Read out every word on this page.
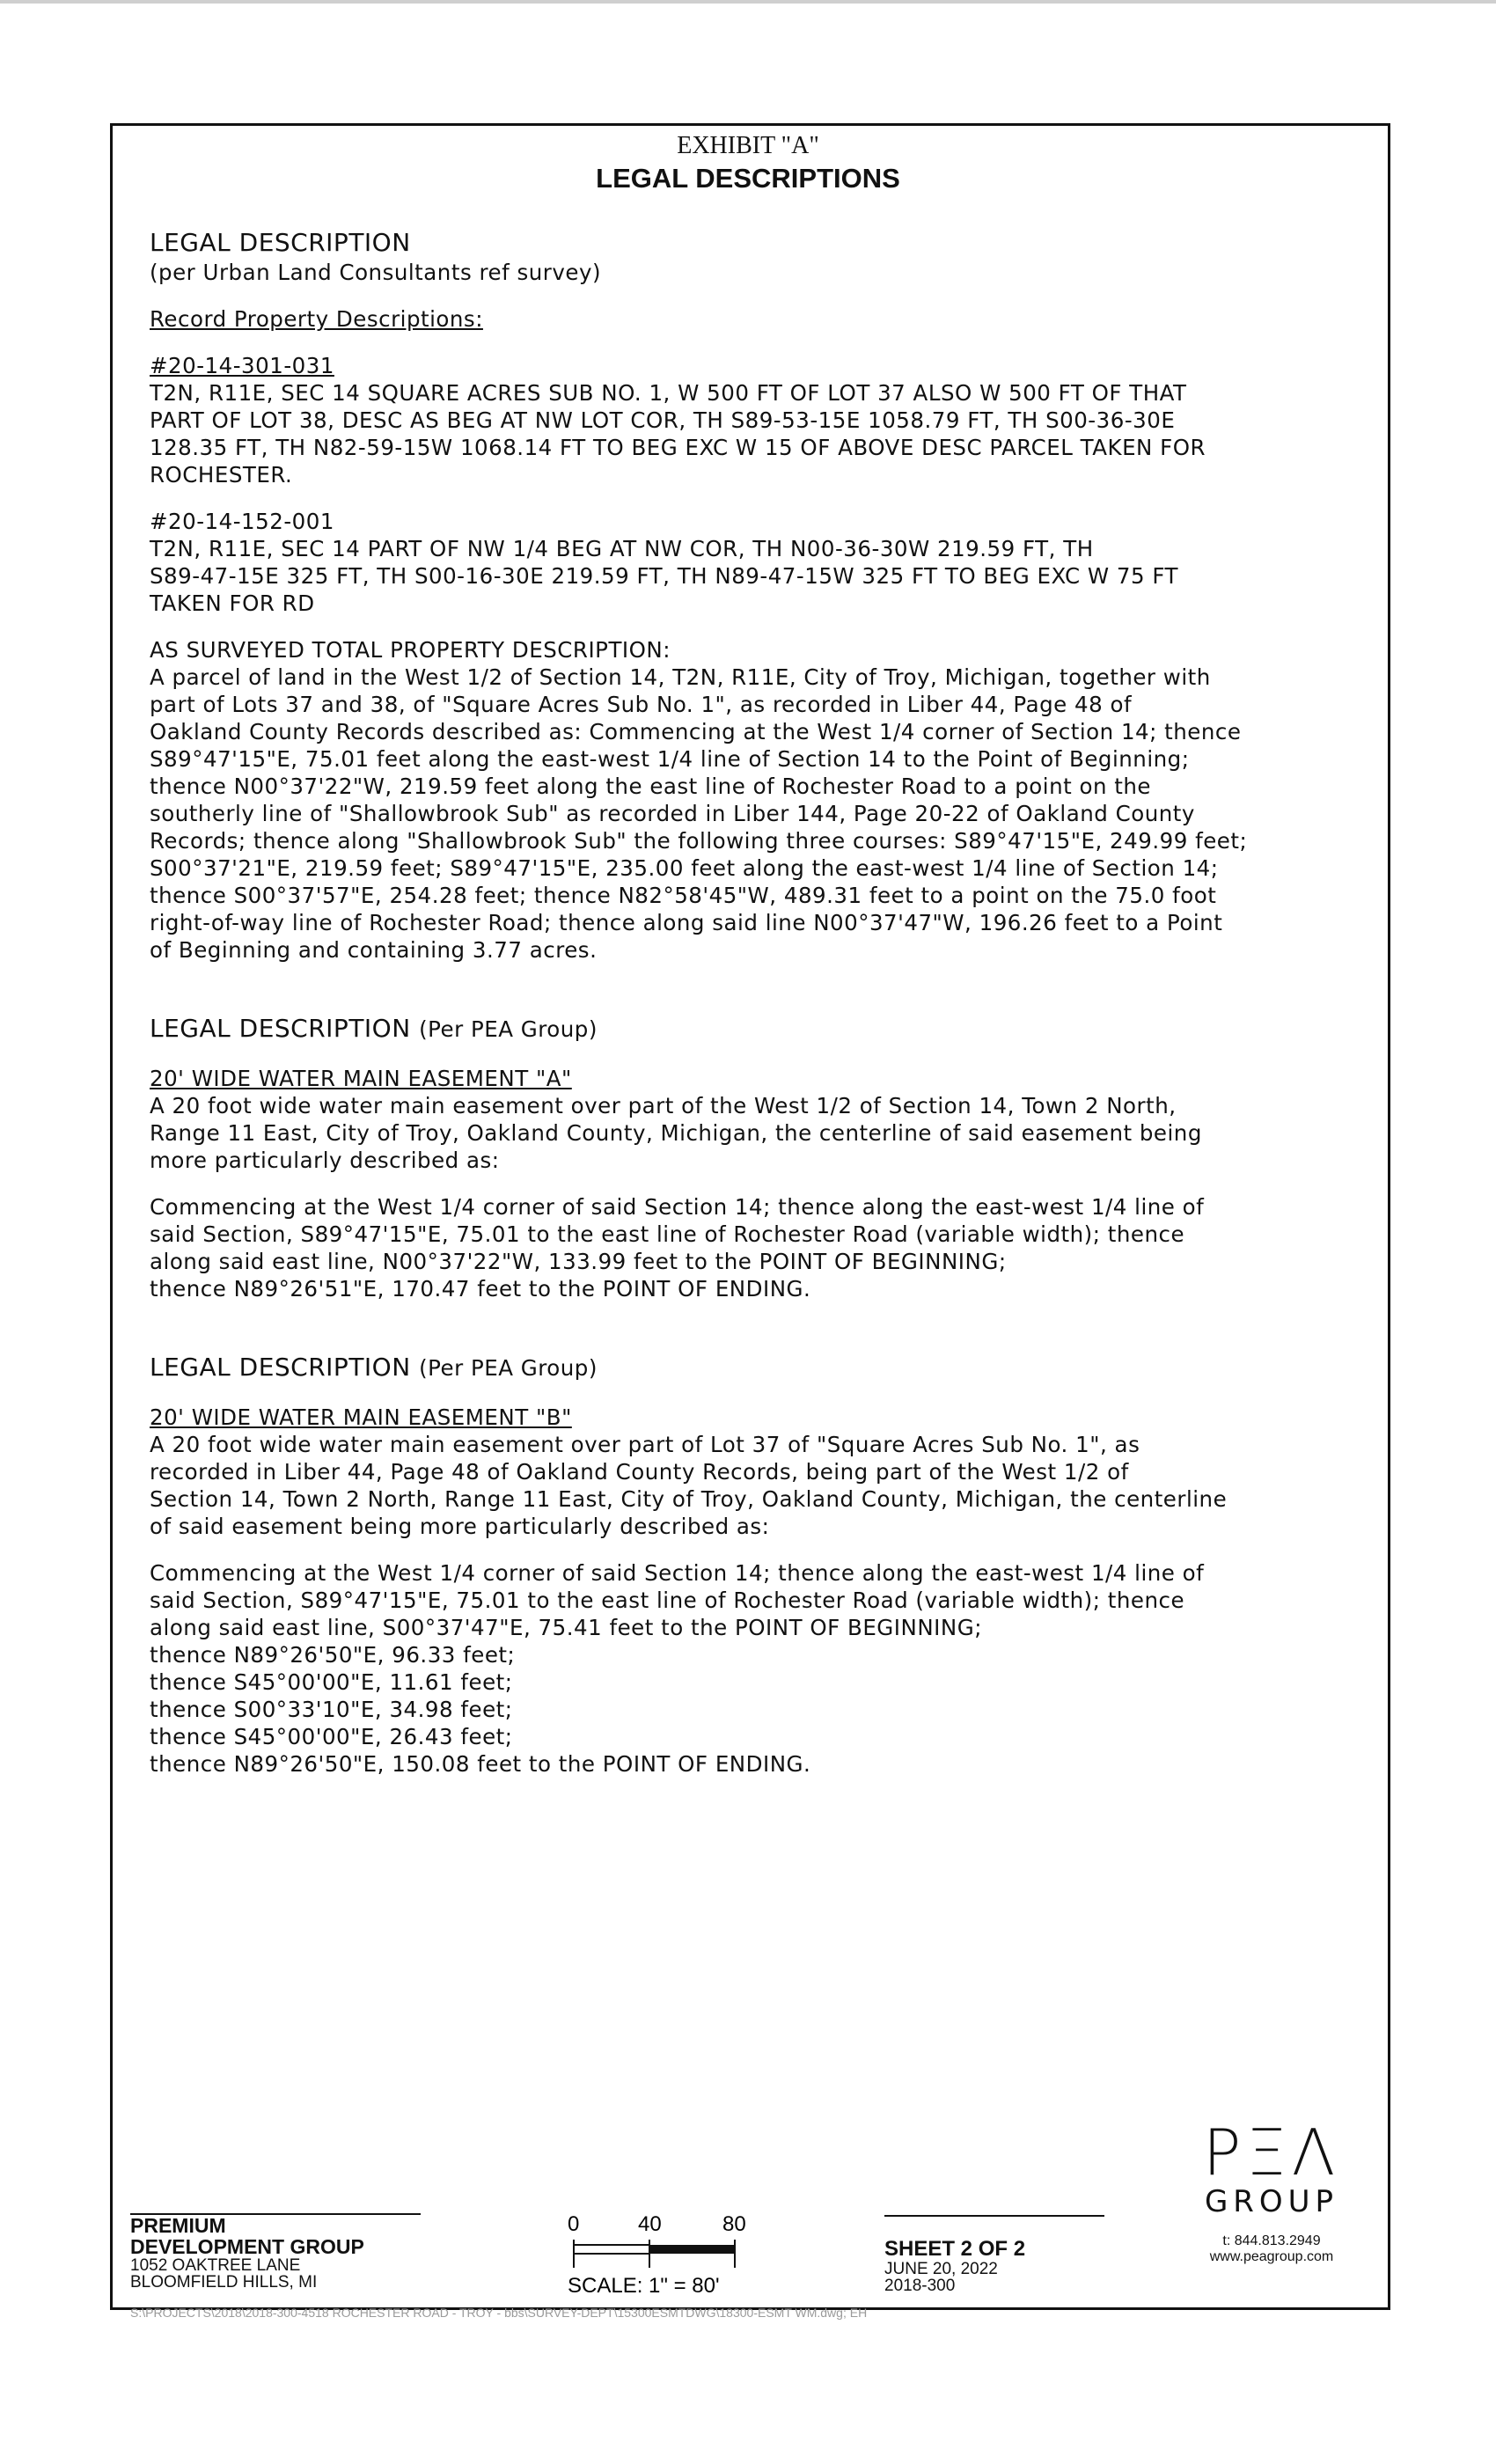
EXHIBIT "A"
LEGAL DESCRIPTIONS
LEGAL DESCRIPTION
(per Urban Land Consultants ref survey)
Record Property Descriptions:
#20-14-301-031
T2N, R11E, SEC 14 SQUARE ACRES SUB NO. 1, W 500 FT OF LOT 37 ALSO W 500 FT OF THAT
PART OF LOT 38, DESC AS BEG AT NW LOT COR, TH S89-53-15E 1058.79 FT, TH S00-36-30E
128.35 FT, TH N82-59-15W 1068.14 FT TO BEG EXC W 15 OF ABOVE DESC PARCEL TAKEN FOR
ROCHESTER.
#20-14-152-001
T2N, R11E, SEC 14 PART OF NW 1/4 BEG AT NW COR, TH N00-36-30W 219.59 FT, TH
S89-47-15E 325 FT, TH S00-16-30E 219.59 FT, TH N89-47-15W 325 FT TO BEG EXC W 75 FT
TAKEN FOR RD
AS SURVEYED TOTAL PROPERTY DESCRIPTION:
A parcel of land in the West 1/2 of Section 14, T2N, R11E, City of Troy, Michigan, together with
part of Lots 37 and 38, of "Square Acres Sub No. 1", as recorded in Liber 44, Page 48 of
Oakland County Records described as: Commencing at the West 1/4 corner of Section 14; thence
S89°47'15"E, 75.01 feet along the east-west 1/4 line of Section 14 to the Point of Beginning;
thence N00°37'22"W, 219.59 feet along the east line of Rochester Road to a point on the
southerly line of "Shallowbrook Sub" as recorded in Liber 144, Page 20-22 of Oakland County
Records; thence along "Shallowbrook Sub" the following three courses: S89°47'15"E, 249.99 feet;
S00°37'21"E, 219.59 feet; S89°47'15"E, 235.00 feet along the east-west 1/4 line of Section 14;
thence S00°37'57"E, 254.28 feet; thence N82°58'45"W, 489.31 feet to a point on the 75.0 foot
right-of-way line of Rochester Road; thence along said line N00°37'47"W, 196.26 feet to a Point
of Beginning and containing 3.77 acres.
LEGAL DESCRIPTION (Per PEA Group)
20' WIDE WATER MAIN EASEMENT "A"
A 20 foot wide water main easement over part of the West 1/2 of Section 14, Town 2 North,
Range 11 East, City of Troy, Oakland County, Michigan, the centerline of said easement being
more particularly described as:
Commencing at the West 1/4 corner of said Section 14; thence along the east-west 1/4 line of
said Section, S89°47'15"E, 75.01 to the east line of Rochester Road (variable width); thence
along said east line, N00°37'22"W, 133.99 feet to the POINT OF BEGINNING;
thence N89°26'51"E, 170.47 feet to the POINT OF ENDING.
LEGAL DESCRIPTION (Per PEA Group)
20' WIDE WATER MAIN EASEMENT "B"
A 20 foot wide water main easement over part of Lot 37 of "Square Acres Sub No. 1", as
recorded in Liber 44, Page 48 of Oakland County Records, being part of the West 1/2 of
Section 14, Town 2 North, Range 11 East, City of Troy, Oakland County, Michigan, the centerline
of said easement being more particularly described as:
Commencing at the West 1/4 corner of said Section 14; thence along the east-west 1/4 line of
said Section, S89°47'15"E, 75.01 to the east line of Rochester Road (variable width); thence
along said east line, S00°37'47"E, 75.41 feet to the POINT OF BEGINNING;
thence N89°26'50"E, 96.33 feet;
thence S45°00'00"E, 11.61 feet;
thence S00°33'10"E, 34.98 feet;
thence S45°00'00"E, 26.43 feet;
thence N89°26'50"E, 150.08 feet to the POINT OF ENDING.
PREMIUM
DEVELOPMENT GROUP
1052 OAKTREE LANE
BLOOMFIELD HILLS, MI
0	40	80
SCALE: 1" = 80'
SHEET 2 OF 2
JUNE 20, 2022
2018-300
PΞΛ
GROUP
t: 844.813.2949
www.peagroup.com
S:\PROJECTS\2018\2018-300-4518 ROCHESTER ROAD - TROY - bbs\SURVEY-DEPT\15300ESMTDWG\18300-ESMT WM.dwg; EH
